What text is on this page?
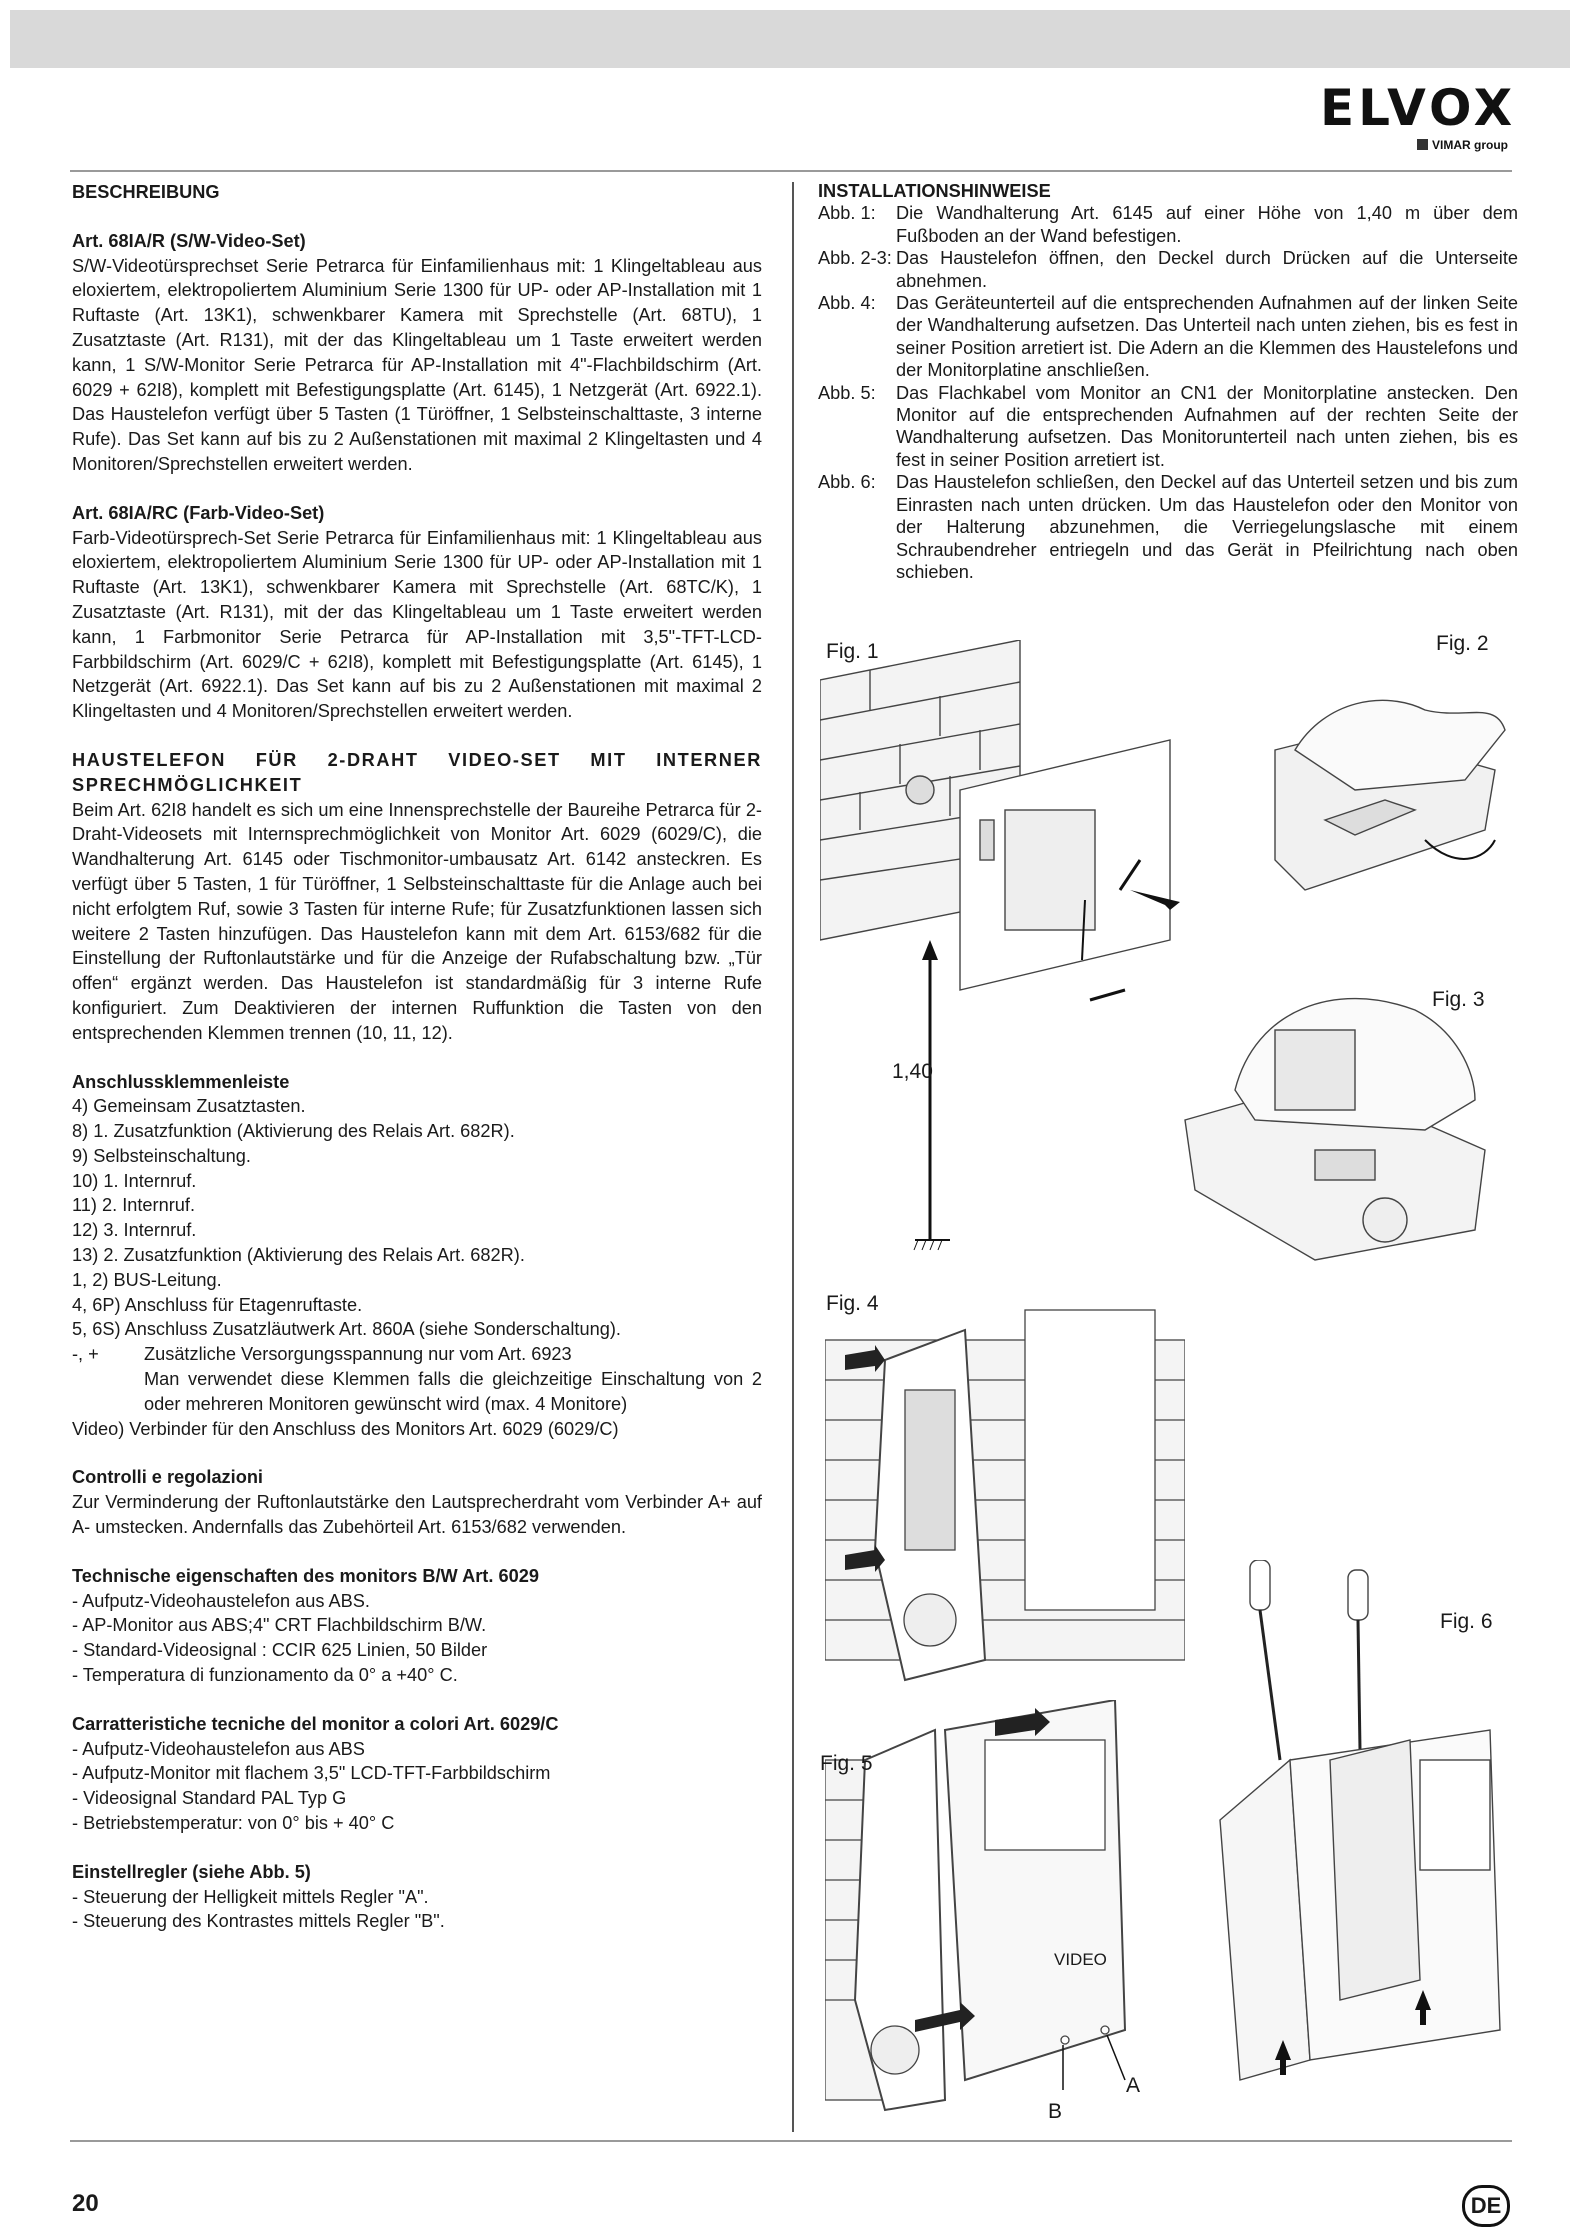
ELVOX
VIMAR group

BESCHREIBUNG

Art. 68IA/R (S/W-Video-Set)

S/W-Videotürsprechset Serie Petrarca für Einfamilienhaus mit: 1 Klingeltableau aus eloxiertem, elektropoliertem Aluminium Serie 1300 für UP- oder AP-Installation mit 1 Ruftaste (Art. 13K1), schwenkbarer Kamera mit Sprechstelle (Art. 68TU), 1 Zusatztaste (Art. R131), mit der das Klingeltableau um 1 Taste erweitert werden kann, 1 S/W-Monitor Serie Petrarca für AP-Installation mit 4"-Flachbildschirm (Art. 6029 + 62I8), komplett mit Befestigungsplatte (Art. 6145), 1 Netzgerät (Art. 6922.1). Das Haustelefon verfügt über 5 Tasten (1 Türöffner, 1 Selbsteinschalttaste, 3 interne Rufe). Das Set kann auf bis zu 2 Außenstationen mit maximal 2 Klingeltasten und 4 Monitoren/Sprechstellen erweitert werden.

Art. 68IA/RC (Farb-Video-Set)

Farb-Videotürsprech-Set Serie Petrarca für Einfamilienhaus mit: 1 Klingeltableau aus eloxiertem, elektropoliertem Aluminium Serie 1300 für UP- oder AP-Installation mit 1 Ruftaste (Art. 13K1), schwenkbarer Kamera mit Sprechstelle (Art. 68TC/K), 1 Zusatztaste (Art. R131), mit der das Klingeltableau um 1 Taste erweitert werden kann, 1 Farbmonitor Serie Petrarca für AP-Installation mit 3,5"-TFT-LCD-Farbbildschirm (Art. 6029/C + 62I8), komplett mit Befestigungsplatte (Art. 6145), 1 Netzgerät (Art. 6922.1). Das Set kann auf bis zu 2 Außenstationen mit maximal 2 Klingeltasten und 4 Monitoren/Sprechstellen erweitert werden.

HAUSTELEFON FÜR 2-DRAHT VIDEO-SET MIT INTERNER SPRECHMÖGLICHKEIT

Beim Art. 62I8 handelt es sich um eine Innensprechstelle der Baureihe Petrarca für 2-Draht-Videosets mit Internsprechmöglichkeit von Monitor Art. 6029 (6029/C), die Wandhalterung Art. 6145 oder Tischmonitor-umbausatz Art. 6142 ansteckren. Es verfügt über 5 Tasten, 1 für Türöffner, 1 Selbsteinschalttaste für die Anlage auch bei nicht erfolgtem Ruf, sowie 3 Tasten für interne Rufe; für Zusatzfunktionen lassen sich weitere 2 Tasten hinzufügen. Das Haustelefon kann mit dem Art. 6153/682 für die Einstellung der Ruftonlautstärke und für die Anzeige der Rufabschaltung bzw. „Tür offen“ ergänzt werden. Das Haustelefon ist standardmäßig für 3 interne Rufe konfiguriert. Zum Deaktivieren der internen Ruffunktion die Tasten von den entsprechenden Klemmen trennen (10, 11, 12).

Anschlussklemmenleiste

4) Gemeinsam Zusatztasten.
8) 1. Zusatzfunktion (Aktivierung des Relais Art. 682R).
9) Selbsteinschaltung.
10) 1. Internruf.
11) 2. Internruf.
12) 3. Internruf.
13) 2. Zusatzfunktion (Aktivierung des Relais Art. 682R).
1, 2) BUS-Leitung.
4, 6P) Anschluss für Etagenruftaste.
5, 6S) Anschluss Zusatzläutwerk Art. 860A (siehe Sonderschaltung).
-, +	Zusätzliche Versorgungsspannung nur vom Art. 6923

Man verwendet diese Klemmen falls die gleichzeitige Einschaltung von 2 oder mehreren Monitoren gewünscht wird (max. 4 Monitore)

Video) Verbinder für den Anschluss des Monitors Art. 6029 (6029/C)

Controlli e regolazioni

Zur Verminderung der Ruftonlautstärke den Lautsprecherdraht vom Verbinder A+ auf A- umstecken. Andernfalls das Zubehörteil Art. 6153/682 verwenden.

Technische eigenschaften des monitors B/W Art. 6029

- Aufputz-Videohaustelefon aus ABS.
- AP-Monitor aus ABS;4" CRT Flachbildschirm B/W.
- Standard-Videosignal : CCIR 625 Linien, 50 Bilder
- Temperatura di funzionamento da 0° a +40° C.

Carratteristiche tecniche del monitor a colori Art. 6029/C

- Aufputz-Videohaustelefon aus ABS
- Aufputz-Monitor mit flachem 3,5" LCD-TFT-Farbbildschirm
- Videosignal Standard PAL Typ G
- Betriebstemperatur: von 0° bis + 40° C

Einstellregler (siehe Abb. 5)

- Steuerung der Helligkeit mittels Regler "A".
- Steuerung des Kontrastes mittels Regler "B".

INSTALLATIONSHINWEISE

Abb. 1:	Die Wandhalterung Art. 6145 auf einer Höhe von 1,40 m über dem Fußboden an der Wand befestigen.
Abb. 2-3: Das Haustelefon öffnen, den Deckel durch Drücken auf die Unterseite abnehmen.
Abb. 4:	Das Geräteunterteil auf die entsprechenden Aufnahmen auf der linken Seite der Wandhalterung aufsetzen. Das Unterteil nach unten ziehen, bis es fest in seiner Position arretiert ist. Die Adern an die Klemmen des Haustelefons und der Monitorplatine anschließen.
Abb. 5:	Das Flachkabel vom Monitor an CN1 der Monitorplatine anstecken. Den Monitor auf die entsprechenden Aufnahmen auf der rechten Seite der Wandhalterung aufsetzen. Das Monitorunterteil nach unten ziehen, bis es fest in seiner Position arretiert ist.
Abb. 6:	Das Haustelefon schließen, den Deckel auf das Unterteil setzen und bis zum Einrasten nach unten drücken. Um das Haustelefon oder den Monitor von der Halterung abzunehmen, die Verriegelungslasche mit einem Schraubendreher entriegeln und das Gerät in Pfeilrichtung nach oben schieben.
Fig. 1
1,40
Fig. 2
Fig. 3
Fig. 4
Fig. 5
VIDEO
A
B
Fig. 6
20	DE
